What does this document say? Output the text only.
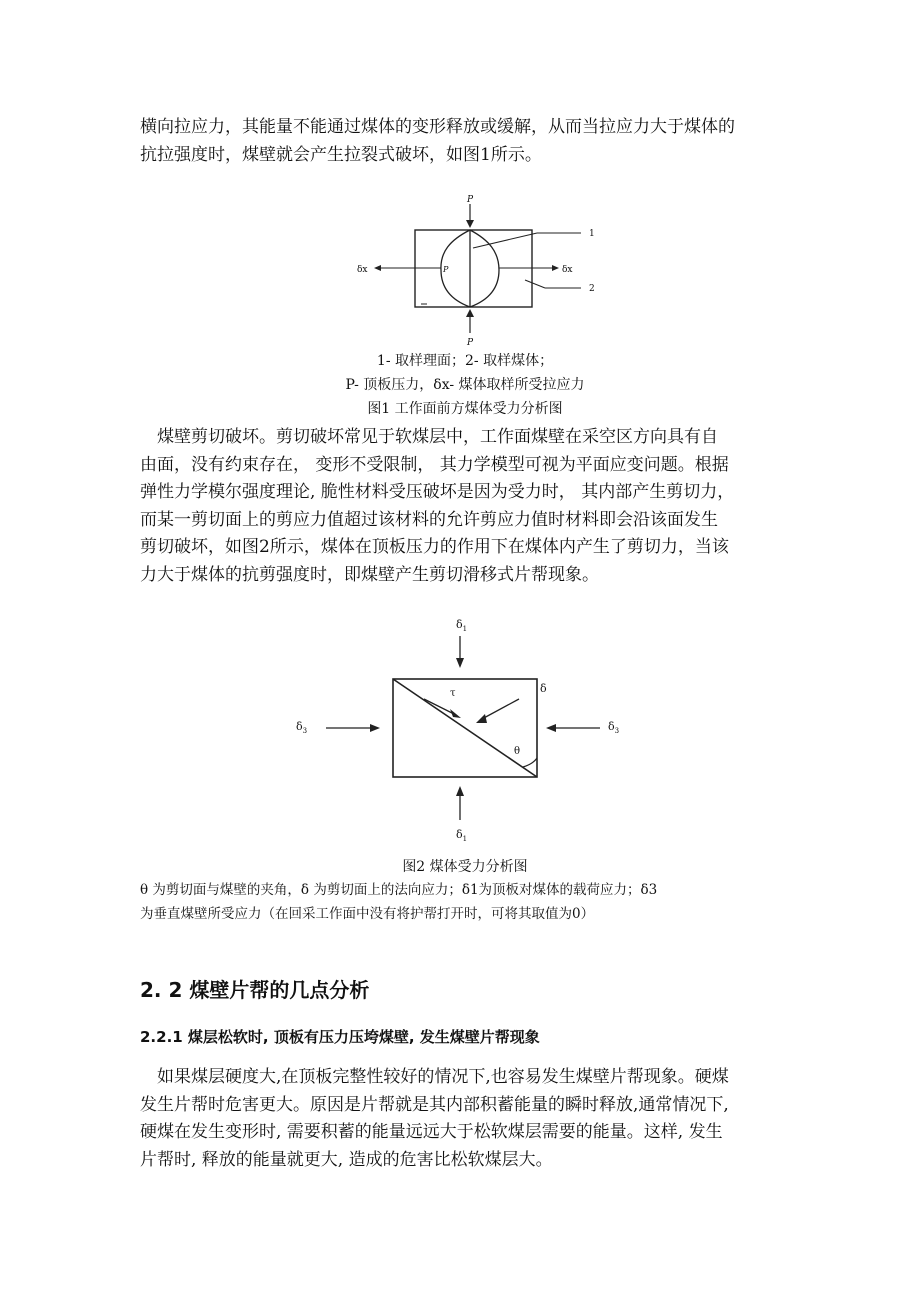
横向拉应力，其能量不能通过煤体的变形释放或缓解，从而当拉应力大于煤体的
抗拉强度时，煤壁就会产生拉裂式破坏，如图1所示。
P
P
δx	δx
1
2
P

1- 取样理面；2- 取样煤体；

P- 顶板压力，δx- 煤体取样所受拉应力

图1 工作面前方煤体受力分析图

　煤壁剪切破坏。剪切破坏常见于软煤层中，工作面煤壁在采空区方向具有自
由面，没有约束存在， 变形不受限制， 其力学模型可视为平面应变问题。根据
弹性力学模尔强度理论, 脆性材料受压破坏是因为受力时， 其内部产生剪切力，
而某一剪切面上的剪应力值超过该材料的允许剪应力值时材料即会沿该面发生
剪切破坏，如图2所示，煤体在顶板压力的作用下在煤体内产生了剪切力，当该
力大于煤体的抗剪强度时，即煤壁产生剪切滑移式片帮现象。
$\delta_1$
τ	δ
θ
$\delta_3$	$\delta_3$
$\delta_1$

图2 煤体受力分析图

θ 为剪切面与煤壁的夹角，δ 为剪切面上的法向应力；δ1为顶板对煤体的载荷应力；δ3
为垂直煤壁所受应力（在回采工作面中没有将护帮打开时，可将其取值为0）
2. 2 煤壁片帮的几点分析
2.2.1 煤层松软时, 顶板有压力压垮煤壁, 发生煤壁片帮现象
　如果煤层硬度大,在顶板完整性较好的情况下,也容易发生煤壁片帮现象。硬煤
发生片帮时危害更大。原因是片帮就是其内部积蓄能量的瞬时释放,通常情况下,
硬煤在发生变形时, 需要积蓄的能量远远大于松软煤层需要的能量。这样, 发生
片帮时, 释放的能量就更大, 造成的危害比松软煤层大。
